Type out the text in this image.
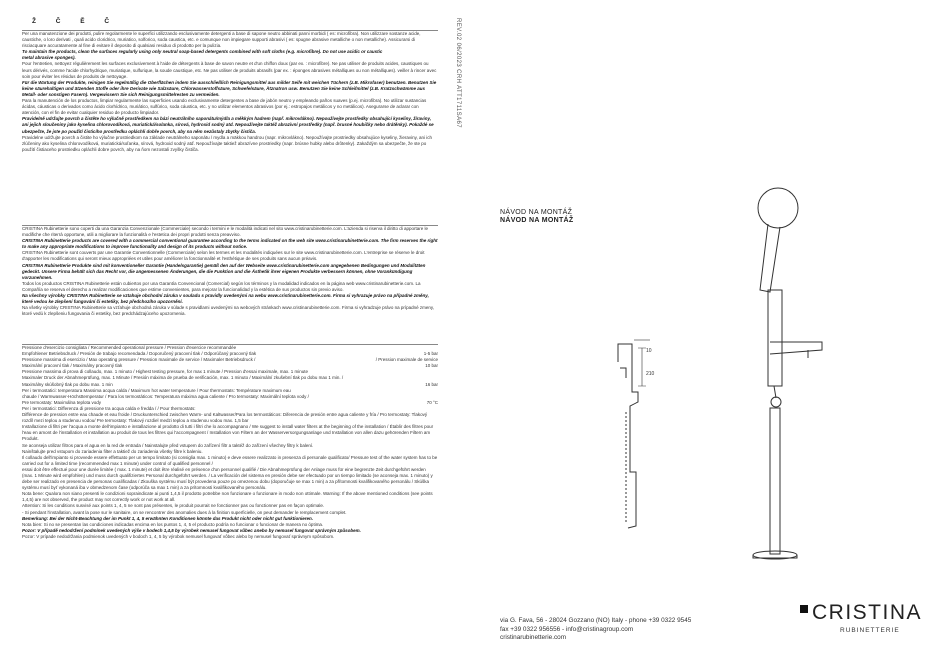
Ž Č Ě Č

Per una manutenzione dei prodotti, pulire regolarmente le superfici utilizzando esclusivamente detergenti a base di sapone neutro abbinati panni morbidi ( es: microfibra). Non utilizzare sostanze acide, caustiche, o loro derivati , quali acido cloridrico, muriatico, solforico, soda caustica, etc. e comunque non impiegare supporti abrasivi ( es: spugne abrasive metalliche o non metalliche). Assicurarsi di risciacquare accuratamente al fine di evitare il deposito di qualsiasi residuo di prodotto per la pulizia.

To maintain the products, clean the surfaces regularly using only neutral soap-based detergents combined with soft cloths (e.g. microfibre). Do not use acidic or caustic

metal abrasive sponges).

Pour l'entretien, nettoyez régulièrement les surfaces exclusivement à l'aide de détergents à base de savon neutre et d'un chiffon doux (par ex. : microfibre). Ne pas utiliser de produits acides, caustiques ou leurs dérivés, comme l'acide chlorhydrique, muriatique, sulfurique, la soude caustique, etc. Ne pas utiliser de produits abrasifs (par ex. : éponges abrasives métalliques ou non métalliques). veiller à rincer avec soin pour éviter les résidus de produits de nettoyage.

Für die Wartung der Produkte, reinigen Sie regelmäßig die Oberflächen indem Sie ausschließlich Reinigungsmittel aus milder Seife mit weichen Tüchern (z.B. Mikrofaser) benutzen. Benutzen Sie keine säurehaltigen und ätzenden Stoffe oder ihre Derivate wie Salzsäure, Chlorwasserstoffsäure, Schwefelsäure, Ätznatron usw. Benutzen Sie keine Schleifmittel (z.B. Kratzschwämme aus Metall- oder sonstigen Fasern). Vergewissern Sie sich Reinigungsmittelresten zu vermeiden.

Para la manutención de los productos, limpiar regularmente las superficies usando exclusivamente detergentes a base de jabón neutro y empleando paños suaves (p.ej. microfibra). No utilizar sustancias ácidas, cáusticas o derivados como ácido clorhídrico, muriático, sulfúrico, soda cáustica, etc. y no utilizar elementos abrasivos (por ej.: estropajos metálicos y no metálicos). Asegurarse de aclarar con atención, con el fin de evitar cualquier residuo de producto limpiador.

Pravidelně udržujte povrch a čistěte ho výlučně prostředkem na bázi neutrálního saponátu/mýdla a měkkým hadrem (např. mikrovlákno). Nepoužívejte prostředky obsahující kyseliny, žíraviny, ani jejich sloučeniny jako kyselina chlorovodíková, muriatická/solanka, sírová, hydroxid sodný atd. Nepoužívejte taktéž abrazivní prostředky (např. brusné houbičky nebo drátěnky). Pokaždé se ubezpečte, že jste po použití čisticího prostředku opláchli dobře povrch, aby na něm nezůstaly zbytky čističa.

Pravidelne udržujte povrch a čistite ho výlučne prostriedkom na základe neutrálneho saponátu / mydla a mäkkou handrou (napr. mikrovlákno). Nepoužívajte prostriedky obsahujúce kyseliny, žieraviny, ani ich zlúčeniny ako kyselina chlorovodíková, muriatická/soľanka, sírová, hydroxid sodný atď. Nepoužívajte taktiež abrazívne prostriedky (napr. brúsne hubky alebo drôtenky). Zakaždým sa ubezpečte, že ste po použití čistiaceho prostriedku opláchli dobre povrch, aby na ňom nezostali zvyšky čističa.

CRISTINA Rubinetterie sono coperti da una Garanzia Convenzionale (Commerciale) secondo i termini e le modalità indicati nel sito www.cristinarubinetterie.com. L'azienda si riserva il diritto di apportare le modifiche che riterrà opportune, utili a migliorare la funzionalità e l'estetica dei propri prodotti senza preavviso.

CRISTINA Rubinetterie products are covered with a commercial conventional guarantee according to the terms indicated on the web site www.cristinarubinetterie.com. The firm reserves the right to make any appropriate modifications to improve functionality and design of its products without notice.

CRISTINA Rubinetterie sont couverts par une Garantie Conventionnelle (Commerciale) selon les termes et les modalités indiquées sur le site www.cristinarubinetterie.com. L'entreprise se réserve le droit d'apporter les modifications qui seront mieux appropriées et utiles pour améliorer la fonctionnalité et l'esthétique de ses produits sans aucun préavis.

CRISTINA Rubinetterie Produkte sind mit konventioneller Garantie (Handelsgarantie) gemäß den auf der Webseite www.cristinarubinetterie.com angegebenen Bedingungen und Modalitäten gedeckt. Unsere Firma behält sich das Recht vor, die angemessenen Änderungen, die die Funktion und die Ästhetik ihrer eigenen Produkte verbessern können, ohne Vorankündigung vorzunehmen.

Todos los productos CRISTINA Rubinetterie están cubiertos por una Garantía Convencional (Comercial) según los términos y la modalidad indicados en la página web www.cristinarubinetterie.com. La Compañía se reserva el derecho a realizar modificaciones que estime convenientes, para mejorar la funcionalidad y la estética de sus productos sin previo aviso.

Na všechny výrobky CRISTINA Rubinetterie se vztahuje obchodní záruka v souladu s pravidly uvedenými na webu www.cristinarubinetterie.com. Firma si vyhrazuje právo na případné změny, které vedou ke zlepšení fungování či estetiky, bez předchozího upozornění.

Na všetky výrobky CRISTINA Rubinetterie sa vzťahuje obchodná záruka v súlade s pravidlami uvedenými na webových stránkach www.cristinarubinetterie.com. Firma si vyhradzuje právo na prípadné zmeny, ktoré vedú k zlepšeniu fungovania či estetiky, bez predchádzajúceho upozornenia.

Pressione d'esercizio consigliata / Recommended operational pressure / Pression d'exercice recommandée
Empfohlener Betriebsdruck / Presión de trabajo recomendada / Doporučený pracovní tlak / Odporúčaný pracovný tlak	1-5 bar
Pressione massima di esercizio / Max operating pressure / Pression maximale de service / Maximaler Betriebsdruck /	/ Pression maximale de service
Maximální pracovní tlak / Maximálny pracovný tlak	10 bar
Pressione massima di prova di collaudo, max. 1 minuto / Highest testing pressure, for max 1 minute / Pression d'essai maximale, max. 1 minute
Maximaler Druck der Abnahmeprüfung, max. 1 Minute / Presión máxima de prueba de verificación, max. 1 minuto / Maximální zkušební tlak po dobu max 1 min. /
Maximálny skúšobný tlak po dobu max. 1 min	16 bar
Per i termostatici: temperatura Massima acqua calda / Maximum hot water temperature / Pour thermostats: Température maximum eau
chaude / Warmwasser-Höchsttemperatur / Para los termostáticos: Temperatura máxima agua caliente / Pro termostaty: Maximální teplota vody /
Pre termostaty: Maximálna teplota vody	70 °C

Per i termostatici: Differenza di pressione tra acqua calda e fredda / / Pour thermostats:

Différence de pression entre eau chaude et eau froide / Druckunterschied zwischen Warm- und Kaltwasser/Para los termostáticos: Diferencia de presión entre agua caliente y fría / Pro termostaty: Tlakový rozdíl mezi teplou a studenou vodou/ Pre termostaty: Tlakový rozdiel medzi teplou a studenou vodou max. 1,5 bar

Installazione di filtri per l'acqua a monte dell'impianto e installazione al prodotto di tutti i filtri che lo accompagnano / We suggest to install water filters at the beginning of the installation / Établir des filtres pour l'eau en amont de l'installation et installation au produit de tous les filtres qui l'accompagnent / Installation von Filtern an der Wasserversorgungsanlage und Installation von allen dazu gehörenden Filtern am Produkt.

Se aconseja utilizar filtros para el agua en la red de entrada / Nainstalujte před vstupem do zařízení filtr a taktéž do zařízení všechny filtry k balení.

Nainštalujte pred vstupom do zariadenia filter a taktiež do zariadenia všetky filtre k baleniu.

Il collaudo dell'impianto si provvede essere effettuato per un tempo limitato (si consiglia max. 1 minuto) e deve essere realizzato in presenza di personale qualificato/ Pressure test of the water system has to be carried out for a limited time (recommended max 1 minute) under control of qualified personnel /

essai doit être effectué pour une durée limitée ( max. 1 minute) et doit être réalisé en présence d'un personnel qualifié / Die Abnahmeprüfung der Anlage muss für eine begrenzte Zeit durchgeführt werden (max. 1 Minute wird empfohlen) und muss durch qualifiziertes Personal durchgeführt werden. / La verificación del sistema en presión debe ser efectuado por un tiempo limitado (se aconseja max. 1 minuto) y debe ser realizado en presencia de personas cualificadas / Zkouška systému musí být provedena pouze po omezenou dobu (doporučuje se max 1 min) a za přítomnosti kvalifikovaného personálu / Skúška systému musí byť vykonaná iba v obmedzenom čase (odporúča sa max 1 min) a za prítomnosti kvalifikovaného personálu.

Nota bene: Qualora non siano presenti le condizioni sopraindicate ai punti 1,4,5 il prodotto potrebbe non funzionare o funzionare in modo non ottimale. Warning: If the above mentioned conditions (see points 1,4,5) are not observed, the product may not correctly work or not work at all.

Attention: Si les conditions susvisé aux points 1, 4, 5 ne sont pas présentes, le produit pourrait ne fonctionner pas ou fonctionner pas en façon optimale.

- Si pendant l'installation, avant la pose sur le sanitaire, on se rencontrer des anomalies dues à la finition superficielle, on peut demander le remplacement complet.

Bemerkung: Bei der Nicht-Beachtung der im Punkt 1, 4, 5 erwähnten Konditionen könnte das Produkt nicht oder nicht gut funktionieren.

Nota bien: Si no se presentan las condiciones indicadas encima en los puntos 1, 4, 5 el producto podría no funcionar o funcionar de manera no óptima.

Pozor: V případě nedodržení podmínek uvedených výše v bodech 1,4,5 by výrobek nemusel fungovat vůbec anebo by nemusel fungovat správným způsobem.

Pozor: V prípade nedodržania podmienok uvedených v bodoch 1, 4, 5 by výrobok nemusel fungovať vôbec alebo by nemusel fungovať správnym spôsobom.

REV.02 06/2023 CRH ATT1711SA67
NÁVOD NA MONTÁŽ
NÁVOD NA MONTÁŽ
210
10
CRISTINA
RUBINETTERIE
via G. Fava, 56 - 28024 Gozzano (NO) Italy - phone +39 0322 9545
fax +39 0322 956556 - info@cristinagroup.com
cristinarubinetterie.com
